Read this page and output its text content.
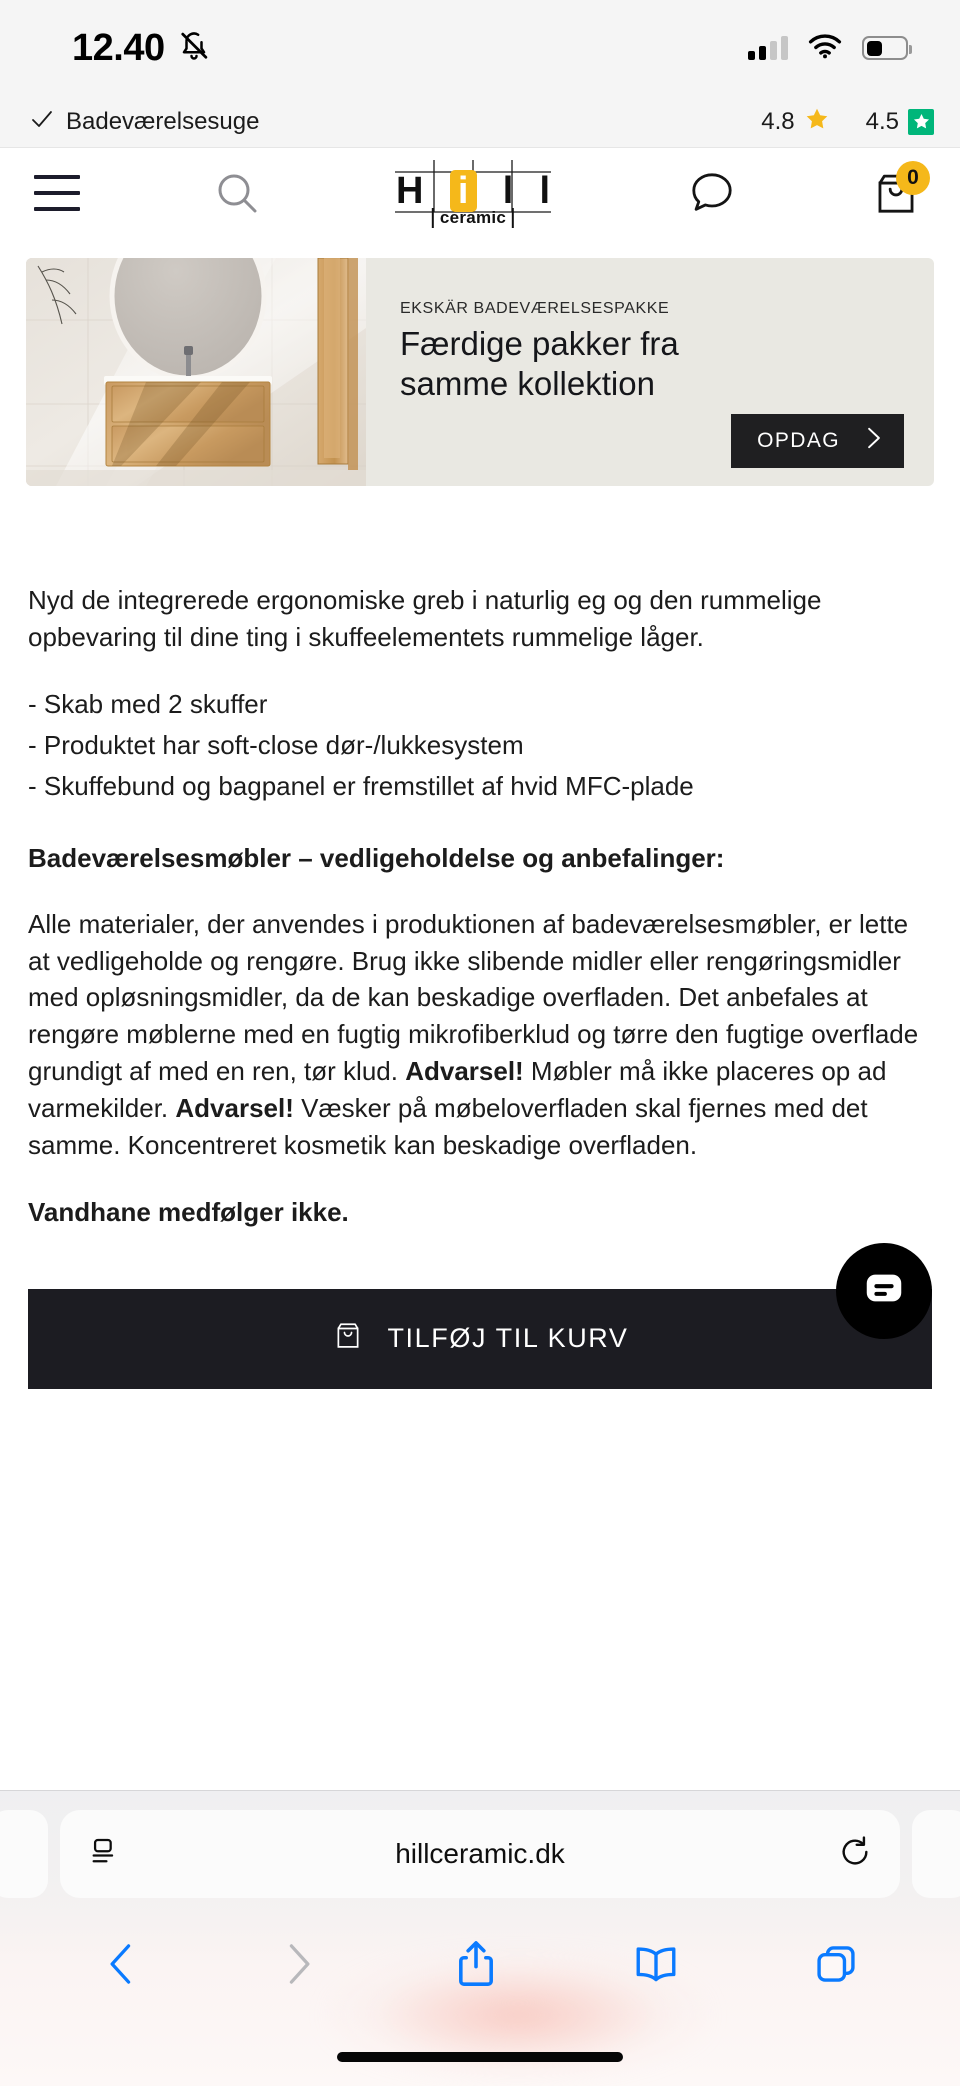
12.40
Badeværelsesuge	4.8	4.5
H i l l
ceramic
0
EKSKÄR BADEVÆRELSESPAKKE
Færdige pakker fra
samme kollektion
OPDAG

Nyd de integrerede ergonomiske greb i naturlig eg og den rummelige opbevaring til dine ting i skuffeelementets rummelige låger.

- Skab med 2 skuffer
- Produktet har soft-close dør-/lukkesystem
- Skuffebund og bagpanel er fremstillet af hvid MFC-plade
Badeværelsesmøbler – vedligeholdelse og anbefalinger:

Alle materialer, der anvendes i produktionen af badeværelsesmøbler, er lette at vedligeholde og rengøre. Brug ikke slibende midler eller rengøringsmidler med opløsningsmidler, da de kan beskadige overfladen. Det anbefales at rengøre møblerne med en fugtig mikrofiberklud og tørre den fugtige overflade grundigt af med en ren, tør klud. Advarsel! Møbler må ikke placeres op ad varmekilder. Advarsel! Væsker på møbeloverfladen skal fjernes med det samme. Koncentreret kosmetik kan beskadige overfladen.

Vandhane medfølger ikke.

TILFØJ TIL KURV
hillceramic.dk
